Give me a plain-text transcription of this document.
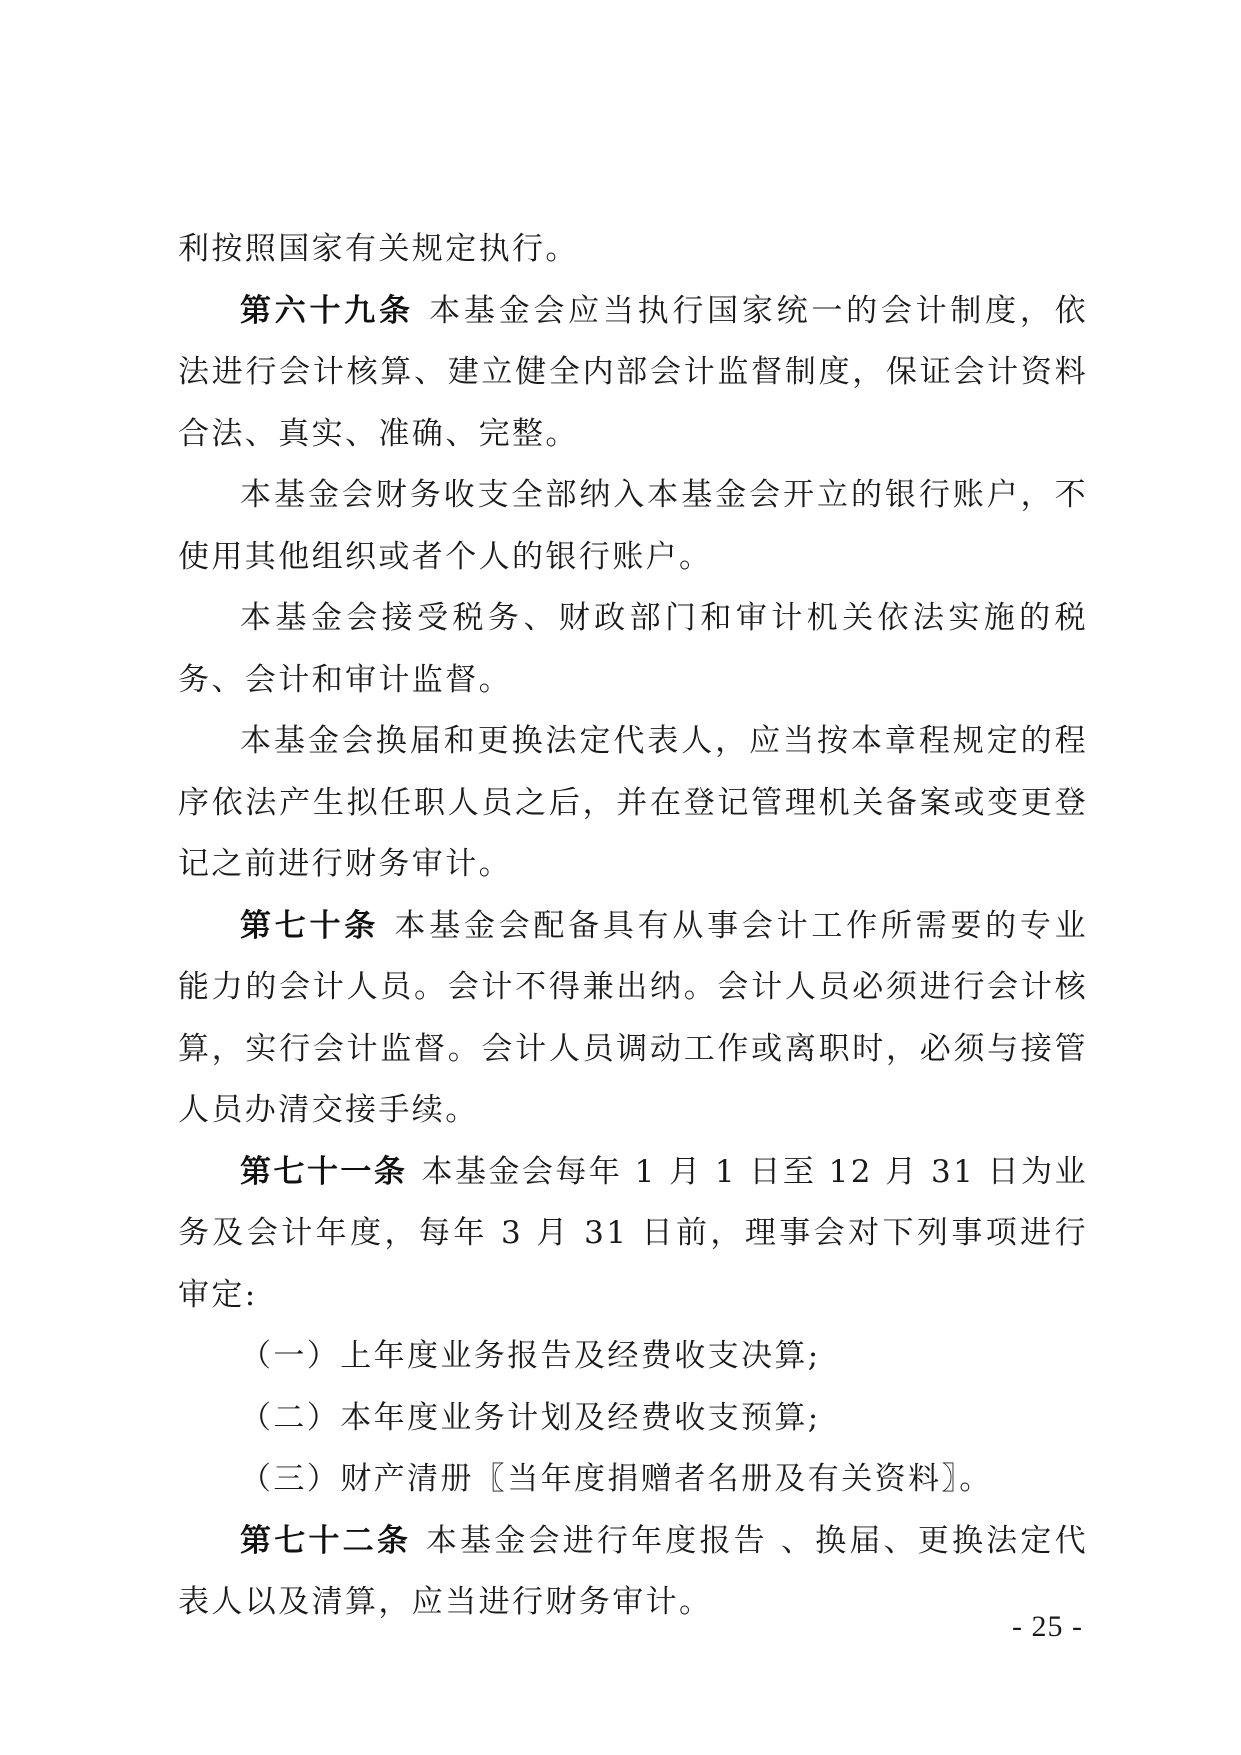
利按照国家有关规定执行。

第六十九条 本基金会应当执行国家统一的会计制度，依法进行会计核算、建立健全内部会计监督制度，保证会计资料合法、真实、准确、完整。

本基金会财务收支全部纳入本基金会开立的银行账户，不使用其他组织或者个人的银行账户。

本基金会接受税务、财政部门和审计机关依法实施的税务、会计和审计监督。

本基金会换届和更换法定代表人，应当按本章程规定的程序依法产生拟任职人员之后，并在登记管理机关备案或变更登记之前进行财务审计。

第七十条 本基金会配备具有从事会计工作所需要的专业能力的会计人员。会计不得兼出纳。会计人员必须进行会计核算，实行会计监督。会计人员调动工作或离职时，必须与接管人员办清交接手续。

第七十一条 本基金会每年 1 月 1 日至 12 月 31 日为业务及会计年度，每年 3 月 31 日前，理事会对下列事项进行审定:

（一）上年度业务报告及经费收支决算;

（二）本年度业务计划及经费收支预算;

（三）财产清册〖当年度捐赠者名册及有关资料〗。

第七十二条 本基金会进行年度报告 、换届、更换法定代表人以及清算，应当进行财务审计。

- 25 -
